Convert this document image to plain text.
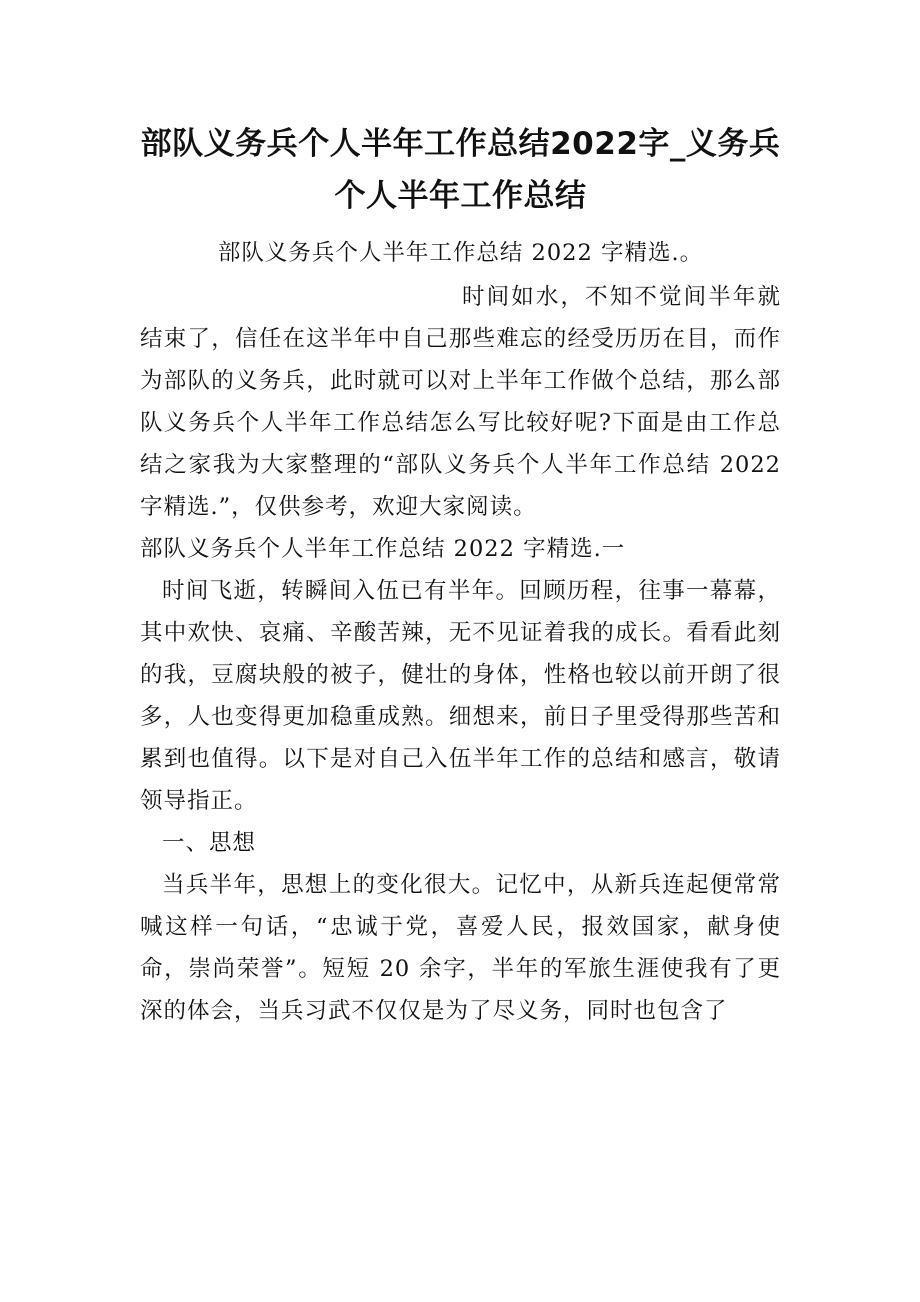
部队义务兵个人半年工作总结2022字_义务兵个人半年工作总结

部队义务兵个人半年工作总结 2022 字精选.。

时间如水，不知不觉间半年就结束了，信任在这半年中自己那些难忘的经受历历在目，而作为部队的义务兵，此时就可以对上半年工作做个总结，那么部队义务兵个人半年工作总结怎么写比较好呢?下面是由工作总结之家我为大家整理的“部队义务兵个人半年工作总结 2022 字精选.”，仅供参考，欢迎大家阅读。

部队义务兵个人半年工作总结 2022 字精选.一

时间飞逝，转瞬间入伍已有半年。回顾历程，往事一幕幕，其中欢快、哀痛、辛酸苦辣，无不见证着我的成长。看看此刻的我，豆腐块般的被子，健壮的身体，性格也较以前开朗了很多，人也变得更加稳重成熟。细想来，前日子里受得那些苦和累到也值得。以下是对自己入伍半年工作的总结和感言，敬请领导指正。

一、思想

当兵半年，思想上的变化很大。记忆中，从新兵连起便常常喊这样一句话，“忠诚于党，喜爱人民，报效国家，献身使命，崇尚荣誉”。短短 20 余字，半年的军旅生涯使我有了更深的体会，当兵习武不仅仅是为了尽义务，同时也包含了
